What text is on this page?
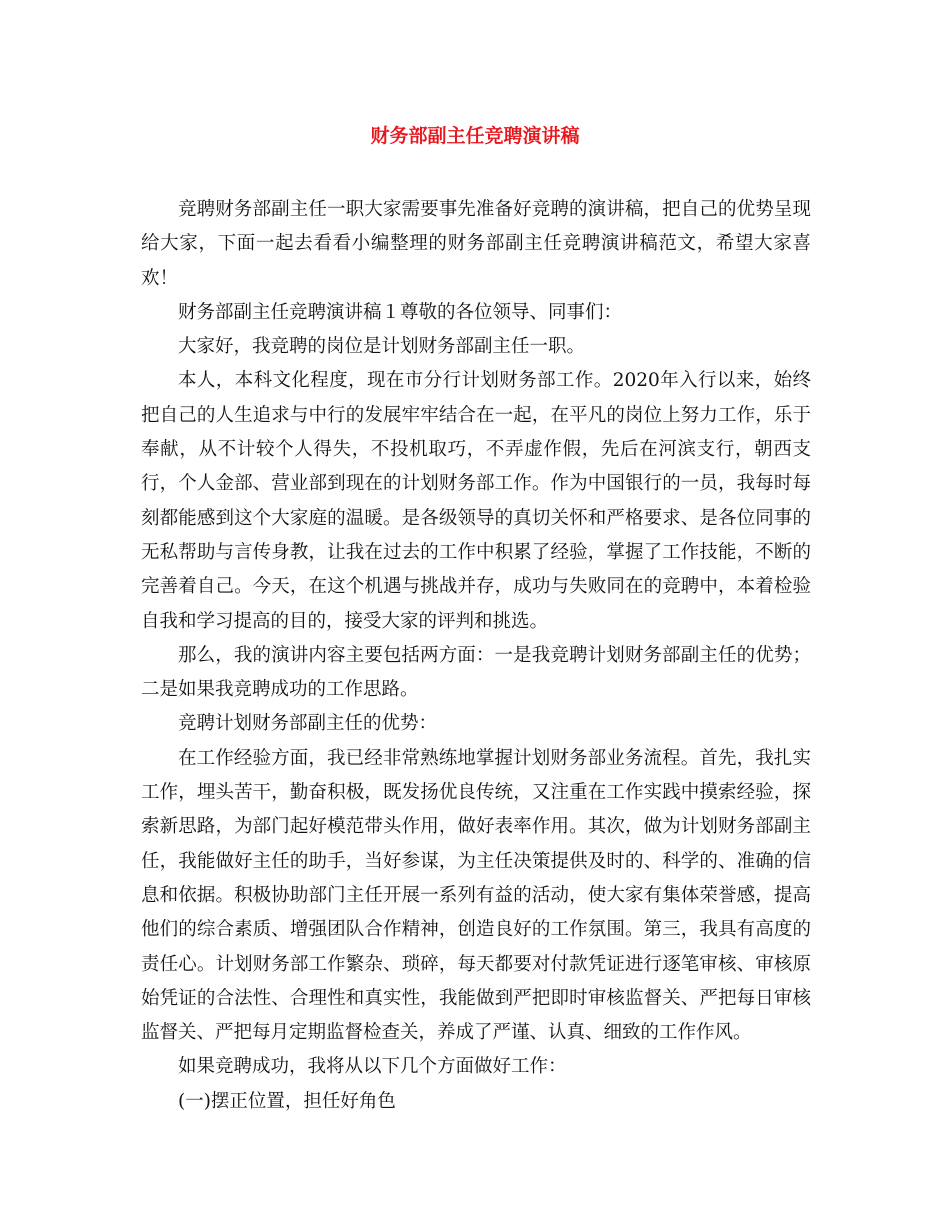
财务部副主任竞聘演讲稿

竞聘财务部副主任一职大家需要事先准备好竞聘的演讲稿，把自己的优势呈现给大家，下面一起去看看小编整理的财务部副主任竞聘演讲稿范文，希望大家喜欢！

财务部副主任竞聘演讲稿１尊敬的各位领导、同事们：

大家好，我竞聘的岗位是计划财务部副主任一职。

本人，本科文化程度，现在市分行计划财务部工作。2020年入行以来，始终把自己的人生追求与中行的发展牢牢结合在一起，在平凡的岗位上努力工作，乐于奉献，从不计较个人得失，不投机取巧，不弄虚作假，先后在河滨支行，朝西支行，个人金部、营业部到现在的计划财务部工作。作为中国银行的一员，我每时每刻都能感到这个大家庭的温暖。是各级领导的真切关怀和严格要求、是各位同事的无私帮助与言传身教，让我在过去的工作中积累了经验，掌握了工作技能，不断的完善着自己。今天，在这个机遇与挑战并存，成功与失败同在的竞聘中，本着检验自我和学习提高的目的，接受大家的评判和挑选。

那么，我的演讲内容主要包括两方面：一是我竞聘计划财务部副主任的优势；二是如果我竞聘成功的工作思路。

竞聘计划财务部副主任的优势：

在工作经验方面，我已经非常熟练地掌握计划财务部业务流程。首先，我扎实工作，埋头苦干，勤奋积极，既发扬优良传统，又注重在工作实践中摸索经验，探索新思路，为部门起好模范带头作用，做好表率作用。其次，做为计划财务部副主任，我能做好主任的助手，当好参谋，为主任决策提供及时的、科学的、准确的信息和依据。积极协助部门主任开展一系列有益的活动，使大家有集体荣誉感，提高他们的综合素质、增强团队合作精神，创造良好的工作氛围。第三，我具有高度的责任心。计划财务部工作繁杂、琐碎，每天都要对付款凭证进行逐笔审核、审核原始凭证的合法性、合理性和真实性，我能做到严把即时审核监督关、严把每日审核监督关、严把每月定期监督检查关，养成了严谨、认真、细致的工作作风。

如果竞聘成功，我将从以下几个方面做好工作：

(一)摆正位置，担任好角色
